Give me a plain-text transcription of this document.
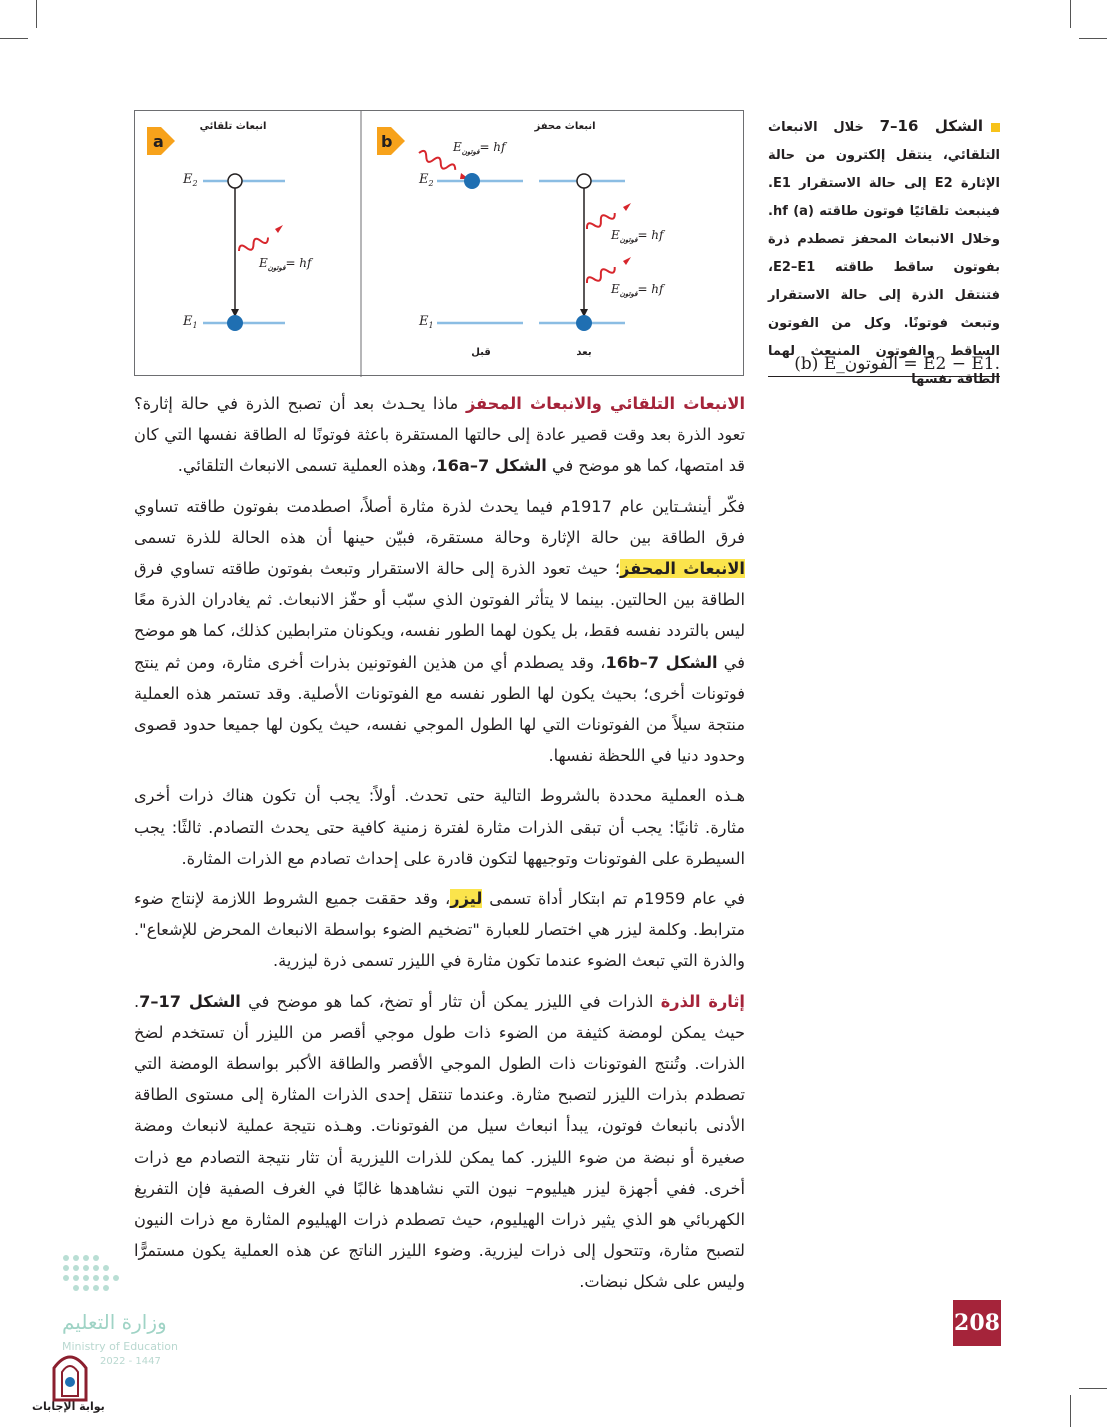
a
انبعاث تلقائي
$E_2$
$E_1$
$E_{فوتون}=$ hf
b
انبعاث محفز
$E_{فوتون}=$ hf
$E_2$
$E_1$
$E_{فوتون}=$ hf
$E_{فوتون}=$ hf
قبل	بعد
الشكل 16–7 خلال الانبعاث التلقائي، ينتقل إلكترون من حالة الإثارة E2 إلى حالة الاستقرار E1. فينبعث تلقائيًا فوتون طاقته hf (a). وخلال الانبعاث المحفز تصطدم ذرة بفوتون ساقط طاقته E2–E1، فتنتقل الذرة إلى حالة الاستقرار وتبعث فوتونًا. وكل من الفوتون الساقط والفوتون المنبعث لهما الطاقة نفسها
(b) E_الفوتون = E2 − E1.

الانبعاث التلقائي والانبعاث المحفز ماذا يحـدث بعد أن تصبح الذرة في حالة إثارة؟ تعود الذرة بعد وقت قصير عادة إلى حالتها المستقرة باعثة فوتونًا له الطاقة نفسها التي كان قد امتصها، كما هو موضح في الشكل 16a–7، وهذه العملية تسمى الانبعاث التلقائي.

فكّر أينشـتاين عام 1917م فيما يحدث لذرة مثارة أصلاً، اصطدمت بفوتون طاقته تساوي فرق الطاقة بين حالة الإثارة وحالة مستقرة، فبيّن حينها أن هذه الحالة للذرة تسمى الانبعاث المحفز؛ حيث تعود الذرة إلى حالة الاستقرار وتبعث بفوتون طاقته تساوي فرق الطاقة بين الحالتين. بينما لا يتأثر الفوتون الذي سبّب أو حفّز الانبعاث. ثم يغادران الذرة معًا ليس بالتردد نفسه فقط، بل يكون لهما الطور نفسه، ويكونان مترابطين كذلك، كما هو موضح في الشكل 16b–7، وقد يصطدم أي من هذين الفوتونين بذرات أخرى مثارة، ومن ثم ينتج فوتونات أخرى؛ بحيث يكون لها الطور نفسه مع الفوتونات الأصلية. وقد تستمر هذه العملية منتجة سيلاً من الفوتونات التي لها الطول الموجي نفسه، حيث يكون لها جميعا حدود قصوى وحدود دنيا في اللحظة نفسها.

هـذه العملية محددة بالشروط التالية حتى تحدث. أولاً: يجب أن تكون هناك ذرات أخرى مثارة. ثانيًا: يجب أن تبقى الذرات مثارة لفترة زمنية كافية حتى يحدث التصادم. ثالثًا: يجب السيطرة على الفوتونات وتوجيهها لتكون قادرة على إحداث تصادم مع الذرات المثارة.

في عام 1959م تم ابتكار أداة تسمى ليزر، وقد حققت جميع الشروط اللازمة لإنتاج ضوء مترابط. وكلمة ليزر هي اختصار للعبارة "تضخيم الضوء بواسطة الانبعاث المحرض للإشعاع". والذرة التي تبعث الضوء عندما تكون مثارة في الليزر تسمى ذرة ليزرية.

إثارة الذرة الذرات في الليزر يمكن أن تثار أو تضخ، كما هو موضح في الشكل 17–7. حيث يمكن لومضة كثيفة من الضوء ذات طول موجي أقصر من الليزر أن تستخدم لضخ الذرات. وتُنتج الفوتونات ذات الطول الموجي الأقصر والطاقة الأكبر بواسطة الومضة التي تصطدم بذرات الليزر لتصبح مثارة. وعندما تنتقل إحدى الذرات المثارة إلى مستوى الطاقة الأدنى بانبعاث فوتون، يبدأ انبعاث سيل من الفوتونات. وهـذه نتيجة عملية لانبعاث ومضة صغيرة أو نبضة من ضوء الليزر. كما يمكن للذرات الليزرية أن تثار نتيجة التصادم مع ذرات أخرى. ففي أجهزة ليزر هيليوم– نيون التي نشاهدها غالبًا في الغرف الصفية فإن التفريغ الكهربائي هو الذي يثير ذرات الهيليوم، حيث تصطدم ذرات الهيليوم المثارة مع ذرات النيون لتصبح مثارة، وتتحول إلى ذرات ليزرية. وضوء الليزر الناتج عن هذه العملية يكون مستمرًّا وليس على شكل نبضات.

208
وزارة التعليم
Ministry of Education
2022 - 1447
بوابة الإجابات
